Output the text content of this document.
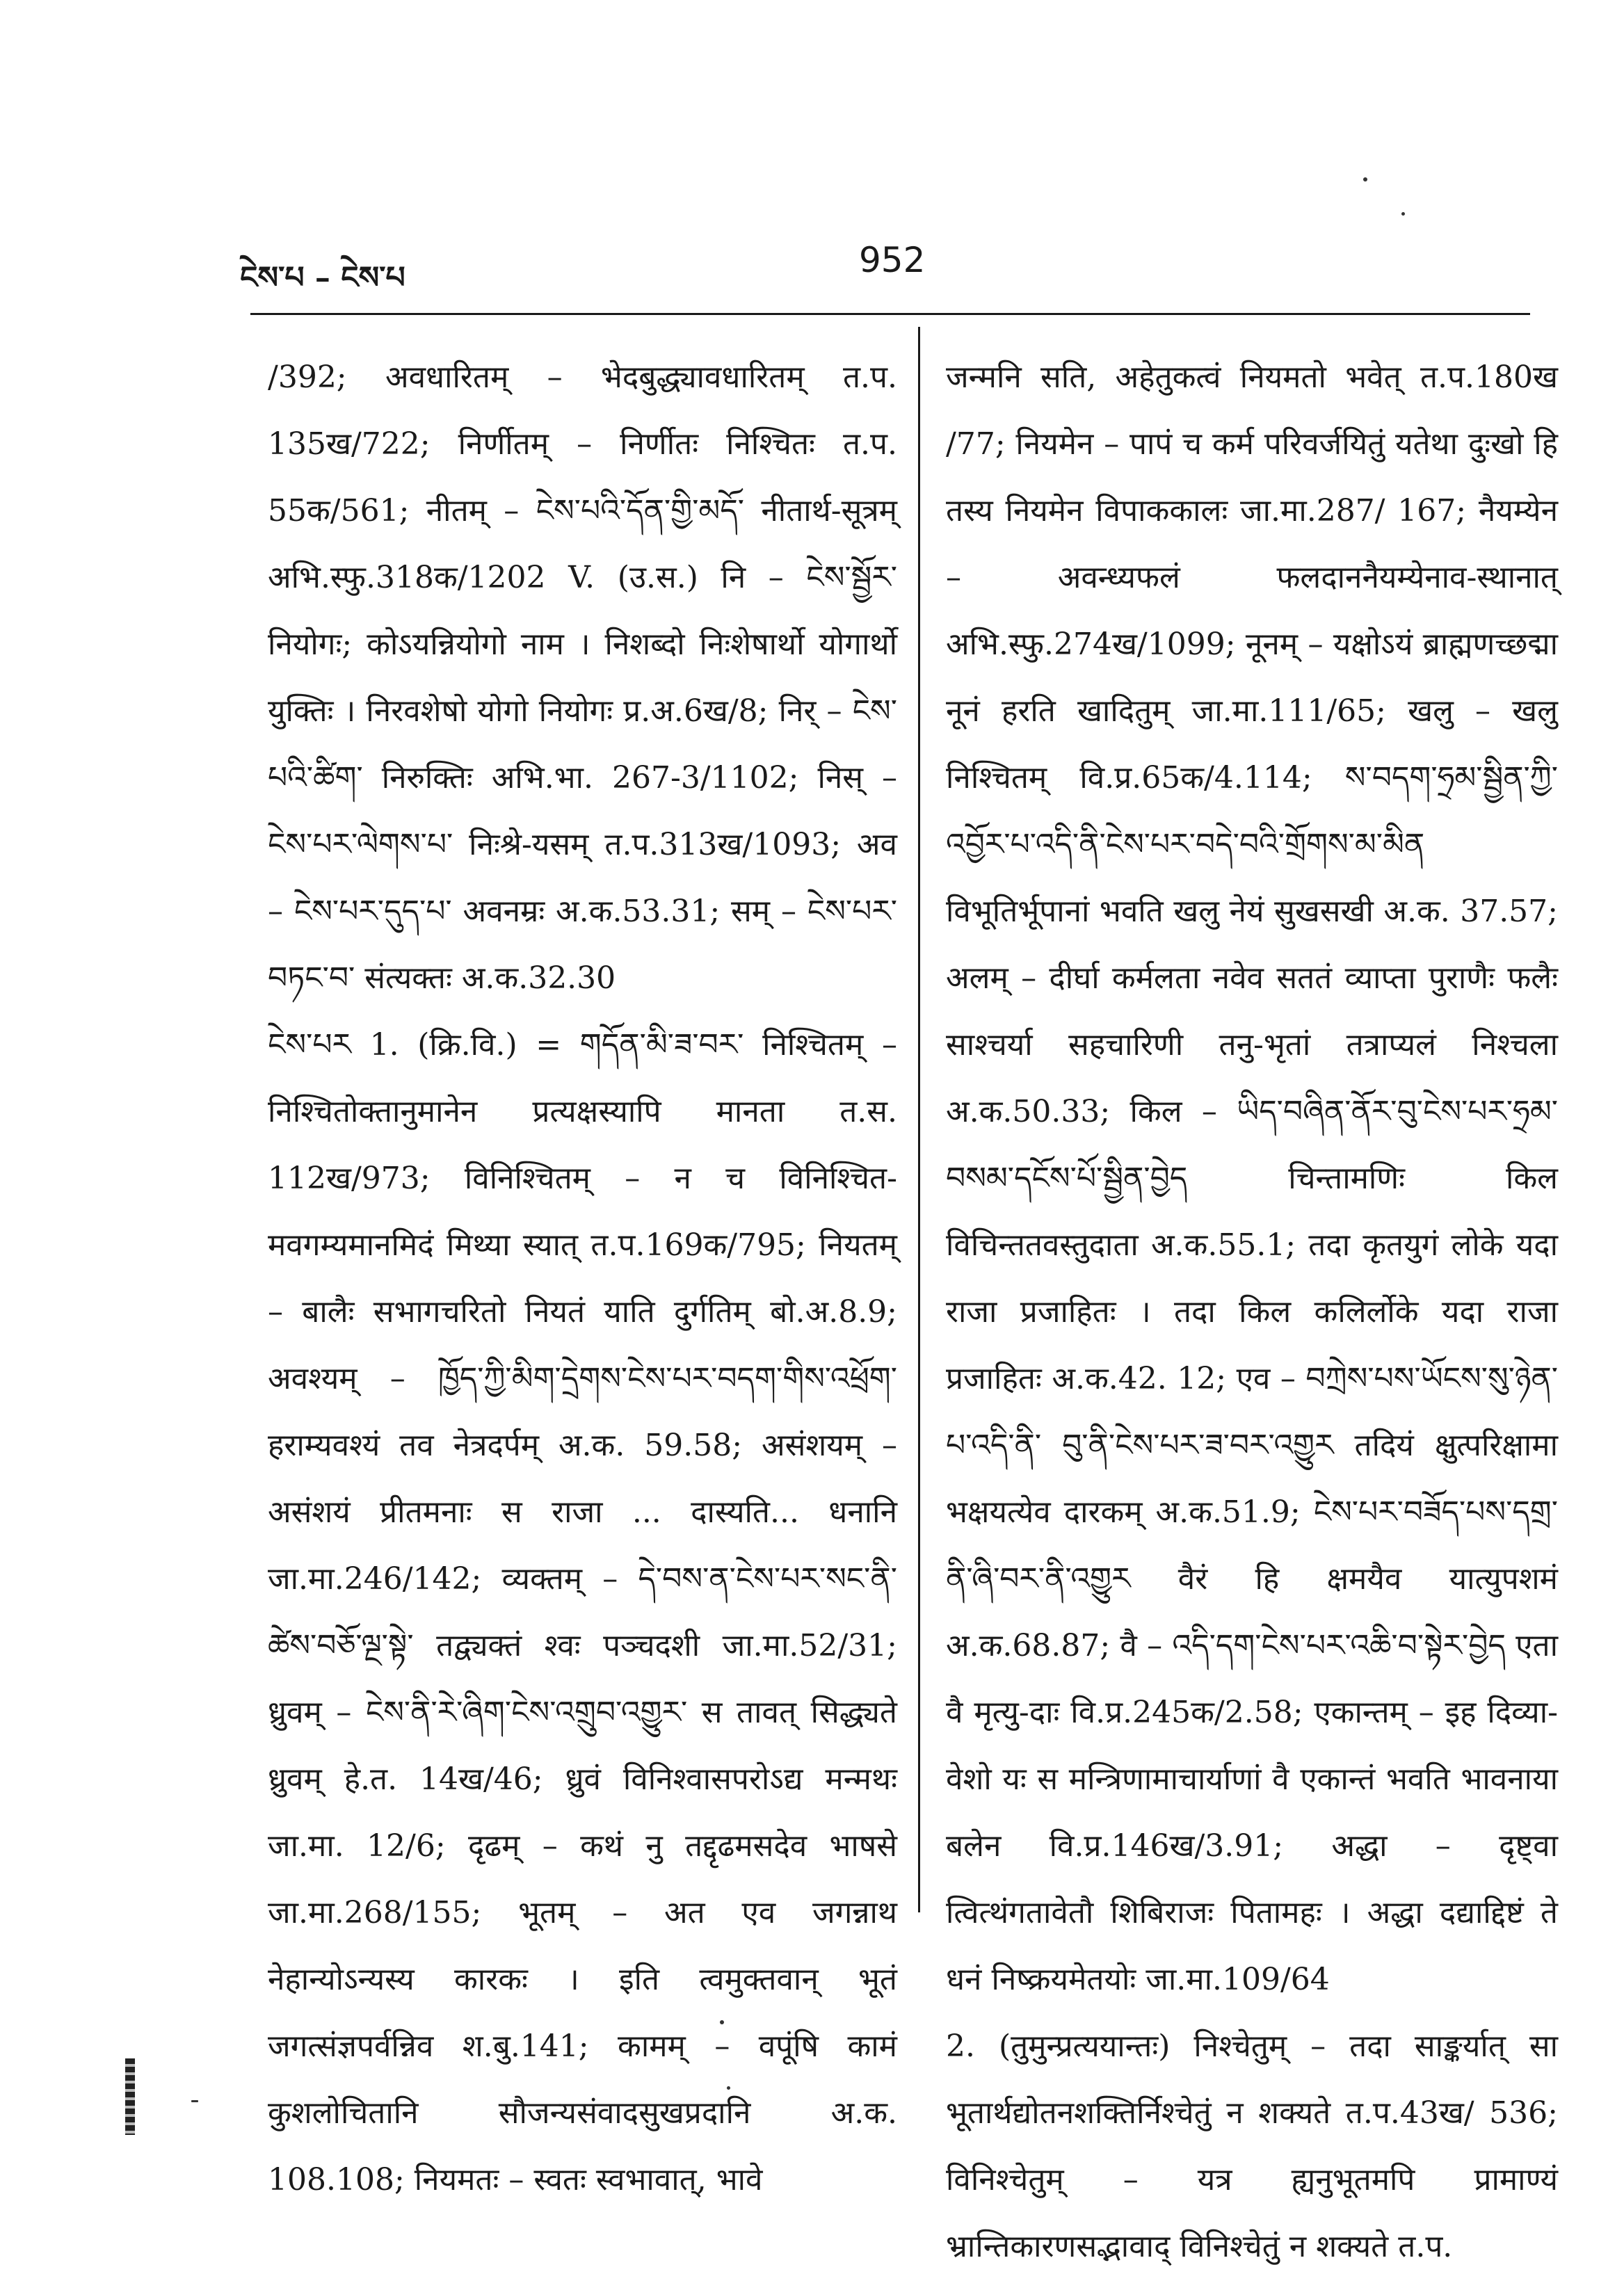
ངེས་པ – ངེས་པ	952

/392; अवधारितम् – भेदबुद्ध्यावधारितम् त.प. 135ख/722; निर्णीतम् – निर्णीतः निश्चितः त.प. 55क/561; नीतम् – ངེས་པའི་དོན་གྱི་མདོ་ नीतार्थ-सूत्रम् अभि.स्फु.318क/1202 V. (उ.स.) नि – ངེས་སྦྱོར་ नियोगः; कोऽयन्नियोगो नाम । निशब्दो निःशेषार्थो योगार्थो युक्तिः । निरवशेषो योगो नियोगः प्र.अ.6ख/8; निर् – ངེས་པའི་ཚིག་ निरुक्तिः अभि.भा. 267-3/1102; निस् – ངེས་པར་ལེགས་པ་ निःश्रे-यसम् त.प.313ख/1093; अव – ངེས་པར་དུད་པ་ अवनम्रः अ.क.53.31; सम् – ངེས་པར་བཏང་བ་ संत्यक्तः अ.क.32.30

ངེས་པར 1. (क्रि.वि.) = གདོན་མི་ཟ་བར་ निश्चितम् – निश्चितोक्तानुमानेन प्रत्यक्षस्यापि मानता त.स. 112ख/973; विनिश्चितम् – न च विनिश्चित-मवगम्यमानमिदं मिथ्या स्यात् त.प.169क/795; नियतम् – बालैः सभागचरितो नियतं याति दुर्गतिम् बो.अ.8.9; अवश्यम् – ཁྱོད་ཀྱི་མིག་དྲེགས་ངེས་པར་བདག་གིས་འཕྲོག་ हराम्यवश्यं तव नेत्रदर्पम् अ.क. 59.58; असंशयम् – असंशयं प्रीतमनाः स राजा ... दास्यति... धनानि जा.मा.246/142; व्यक्तम् – དེ་བས་ན་ངེས་པར་སང་ནི་ཚེས་བཅོ་ལྔ་སྟེ་ तद्व्यक्तं श्वः पञ्चदशी जा.मा.52/31; ध्रुवम् – ངེས་ནི་རེ་ཞིག་ངེས་འགྲུབ་འགྱུར་ स तावत् सिद्ध्यते ध्रुवम् हे.त. 14ख/46; ध्रुवं विनिश्वासपरोऽद्य मन्मथः जा.मा. 12/6; दृढम् – कथं नु तद्दृढमसदेव भाषसे जा.मा.268/155; भूतम् – अत एव जगन्नाथ नेहान्योऽन्यस्य कारकः । इति त्वमुक्तवान् भूतं जगत्संज्ञपर्वन्निव श.बु.141; कामम् – वपूंषि कामं कुशलोचितानि सौजन्यसंवादसुखप्रदानि अ.क. 108.108; नियमतः – स्वतः स्वभावात्, भावे

जन्मनि सति, अहेतुकत्वं नियमतो भवेत् त.प.180ख /77; नियमेन – पापं च कर्म परिवर्जयितुं यतेथा दुःखो हि तस्य नियमेन विपाककालः जा.मा.287/ 167; नैयम्येन – अवन्ध्यफलं फलदाननैयम्येनाव-स्थानात् अभि.स्फु.274ख/1099; नूनम् – यक्षोऽयं ब्राह्मणच्छद्मा नूनं हरति खादितुम् जा.मा.111/65; खलु – खलु निश्चितम् वि.प्र.65क/4.114; ས་བདག་ཧྲམ་སྦྱིན་ཀྱི་འབྱོར་པ་འདི་ནི་ངེས་པར་བདེ་བའི་གྲོགས་མ་མིན विभूतिर्भूपानां भवति खलु नेयं सुखसखी अ.क. 37.57; अलम् – दीर्घा कर्मलता नवेव सततं व्याप्ता पुराणैः फलैः साश्चर्या सहचारिणी तनु-भृतां तत्राप्यलं निश्चला अ.क.50.33; किल – ཡིད་བཞིན་ནོར་བུ་ངེས་པར་ཧྲམ་བསམ་དངོས་པོ་སྦྱིན་བྱེད चिन्तामणिः किल विचिन्ततवस्तुदाता अ.क.55.1; तदा कृतयुगं लोके यदा राजा प्रजाहितः । तदा किल कलिर्लोके यदा राजा प्रजाहितः अ.क.42. 12; एव – བཀྲེས་པས་ཡོངས་སུ་ཉེན་པ་འདི་ནི་ བུ་ནི་ངེས་པར་ཟ་བར་འགྱུར तदियं क्षुत्परिक्षामा भक्षयत्येव दारकम् अ.क.51.9; ངེས་པར་བཟོད་པས་དགྲ་ནི་ཞི་བར་ནི་འགྱུར वैरं हि क्षमयैव यात्युपशमं अ.क.68.87; वै – འདི་དག་ངེས་པར་འཆི་བ་སྟེར་བྱེད एता वै मृत्यु-दाः वि.प्र.245क/2.58; एकान्तम् – इह दिव्या-वेशो यः स मन्त्रिणामाचार्याणां वै एकान्तं भवति भावनाया बलेन वि.प्र.146ख/3.91; अद्धा – दृष्ट्वा त्वित्थंगतावेतौ शिबिराजः पितामहः । अद्धा दद्याद्दिष्टं ते धनं निष्क्रयमेतयोः जा.मा.109/64

2. (तुमुन्प्रत्ययान्तः) निश्चेतुम् – तदा साङ्कर्यात् सा भूतार्थद्योतनशक्तिर्निश्चेतुं न शक्यते त.प.43ख/ 536; विनिश्चेतुम् – यत्र ह्यनुभूतमपि प्रामाण्यं भ्रान्तिकारणसद्भावाद् विनिश्चेतुं न शक्यते त.प.
